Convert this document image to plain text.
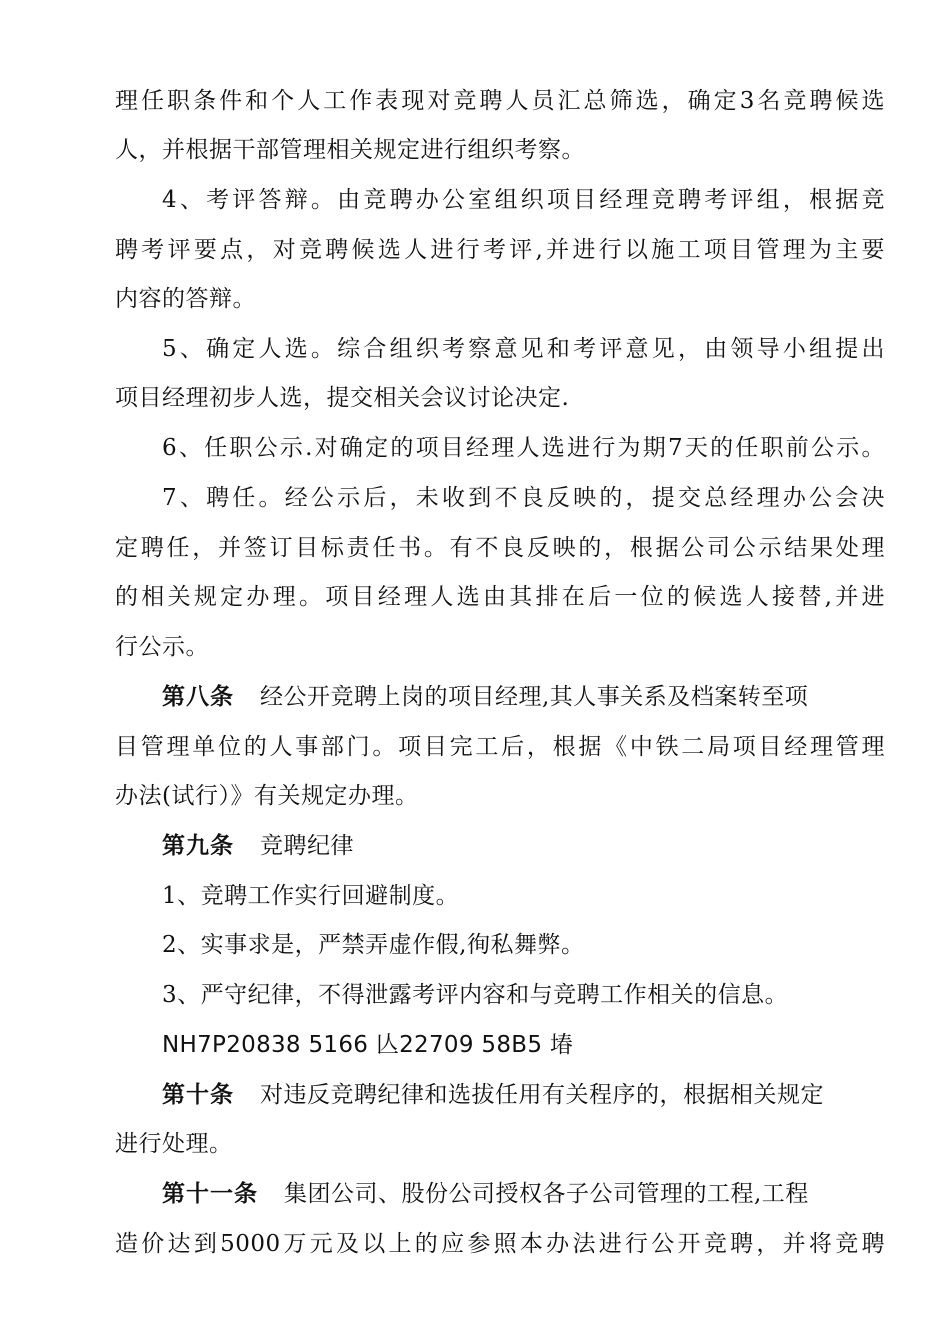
理任职条件和个人工作表现对竞聘人员汇总筛选，确定3名竞聘候选

人，并根据干部管理相关规定进行组织考察。

4、考评答辩。由竞聘办公室组织项目经理竞聘考评组，根据竞

聘考评要点，对竞聘候选人进行考评,并进行以施工项目管理为主要

内容的答辩。

5、确定人选。综合组织考察意见和考评意见，由领导小组提出

项目经理初步人选，提交相关会议讨论决定.

6、任职公示.对确定的项目经理人选进行为期7天的任职前公示。

7、聘任。经公示后，未收到不良反映的，提交总经理办公会决

定聘任，并签订目标责任书。有不良反映的，根据公司公示结果处理

的相关规定办理。项目经理人选由其排在后一位的候选人接替,并进

行公示。

第八条 经公开竞聘上岗的项目经理,其人事关系及档案转至项

目管理单位的人事部门。项目完工后，根据《中铁二局项目经理管理

办法(试行）》有关规定办理。

第九条 竞聘纪律

1、竞聘工作实行回避制度。

2、实事求是，严禁弄虚作假,徇私舞弊。

3、严守纪律，不得泄露考评内容和与竞聘工作相关的信息。

NH7P20838 5166 亾22709 58B5 堾

第十条 对违反竞聘纪律和选拔任用有关程序的，根据相关规定

进行处理。

第十一条 集团公司、股份公司授权各子公司管理的工程,工程

造价达到5000万元及以上的应参照本办法进行公开竞聘，并将竞聘
